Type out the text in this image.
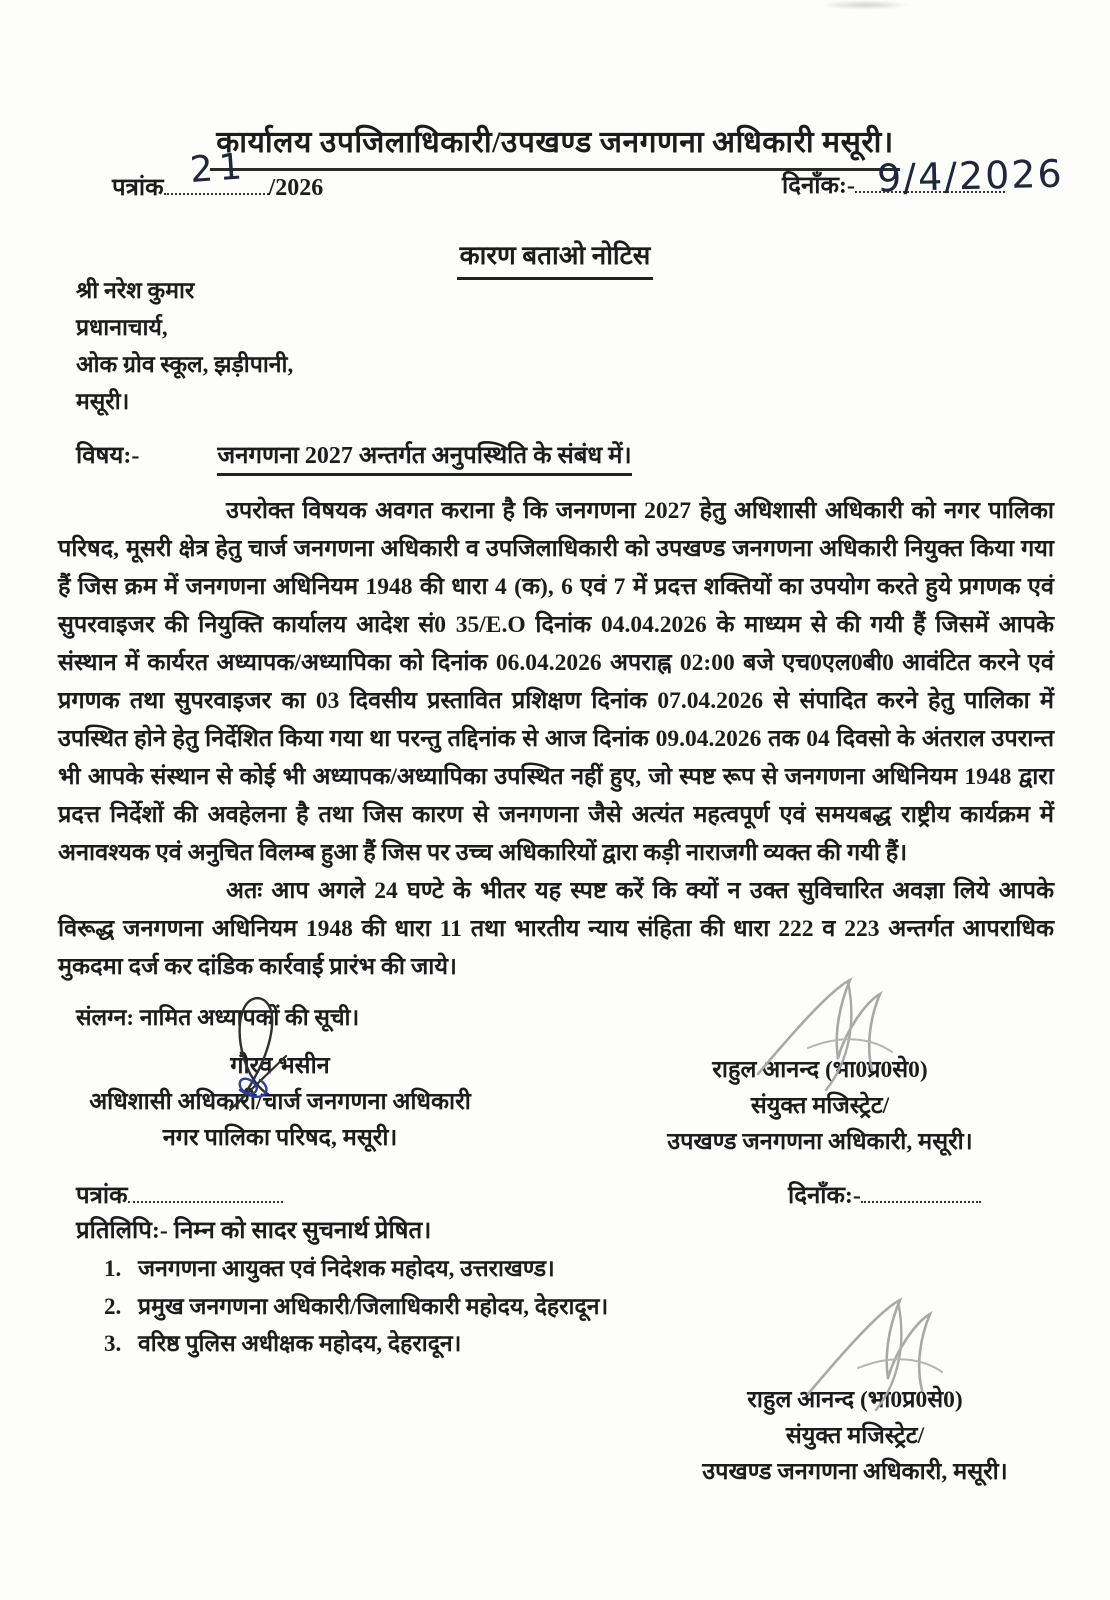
कार्यालय उपजिलाधिकारी/उपखण्ड जनगणना अधिकारी मसूरी।
पत्रांक	/2026
21	दिनाँक:- 9/4/2026
कारण बताओ नोटिस
श्री नरेश कुमार
प्रधानाचार्य,
ओक ग्रोव स्कूल, झड़ीपानी,
मसूरी।
विषय:-	जनगणना 2027 अन्तर्गत अनुपस्थिति के संबंध में।

उपरोक्त विषयक अवगत कराना है कि जनगणना 2027 हेतु अधिशासी अधिकारी को नगर पालिका परिषद, मूसरी क्षेत्र हेतु चार्ज जनगणना अधिकारी व उपजिलाधिकारी को उपखण्ड जनगणना अधिकारी नियुक्त किया गया हैं जिस क्रम में जनगणना अधिनियम 1948 की धारा 4 (क), 6 एवं 7 में प्रदत्त शक्तियों का उपयोग करते हुये प्रगणक एवं सुपरवाइजर की नियुक्ति कार्यालय आदेश सं0 35/E.O दिनांक 04.04.2026 के माध्यम से की गयी हैं जिसमें आपके संस्थान में कार्यरत अध्यापक/अध्यापिका को दिनांक 06.04.2026 अपराह्न 02:00 बजे एच0एल0बी0 आवंटित करने एवं प्रगणक तथा सुपरवाइजर का 03 दिवसीय प्रस्तावित प्रशिक्षण दिनांक 07.04.2026 से संपादित करने हेतु पालिका में उपस्थित होने हेतु निर्देशित किया गया था परन्तु तद्दिनांक से आज दिनांक 09.04.2026 तक 04 दिवसो के अंतराल उपरान्त भी आपके संस्थान से कोई भी अध्यापक/अध्यापिका उपस्थित नहीं हुए, जो स्पष्ट रूप से जनगणना अधिनियम 1948 द्वारा प्रदत्त निर्देशों की अवहेलना है तथा जिस कारण से जनगणना जैसे अत्यंत महत्वपूर्ण एवं समयबद्ध राष्ट्रीय कार्यक्रम में अनावश्यक एवं अनुचित विलम्ब हुआ हैं जिस पर उच्च अधिकारियों द्वारा कड़ी नाराजगी व्यक्त की गयी हैं।

अतः आप अगले 24 घण्टे के भीतर यह स्पष्ट करें कि क्यों न उक्त सुविचारित अवज्ञा लिये आपके विरूद्ध जनगणना अधिनियम 1948 की धारा 11 तथा भारतीय न्याय संहिता की धारा 222 व 223 अन्तर्गत आपराधिक मुकदमा दर्ज कर दांडिक कार्रवाई प्रारंभ की जाये।

संलग्न: नामित अध्यापकों की सूची।
गौरव भसीन
अधिशासी अधिकारी/चार्ज जनगणना अधिकारी
नगर पालिका परिषद, मसूरी।
राहुल आनन्द (भा0प्र0से0)
संयुक्त मजिस्ट्रेट/
उपखण्ड जनगणना अधिकारी, मसूरी।
पत्रांक	दिनाँक:-
प्रतिलिपि:- निम्न को सादर सुचनार्थ प्रेषित।
1. जनगणना आयुक्त एवं निदेशक महोदय, उत्तराखण्ड।
2. प्रमुख जनगणना अधिकारी/जिलाधिकारी महोदय, देहरादून।
3. वरिष्ठ पुलिस अधीक्षक महोदय, देहरादून।
राहुल आनन्द (भा0प्र0से0)
संयुक्त मजिस्ट्रेट/
उपखण्ड जनगणना अधिकारी, मसूरी।
